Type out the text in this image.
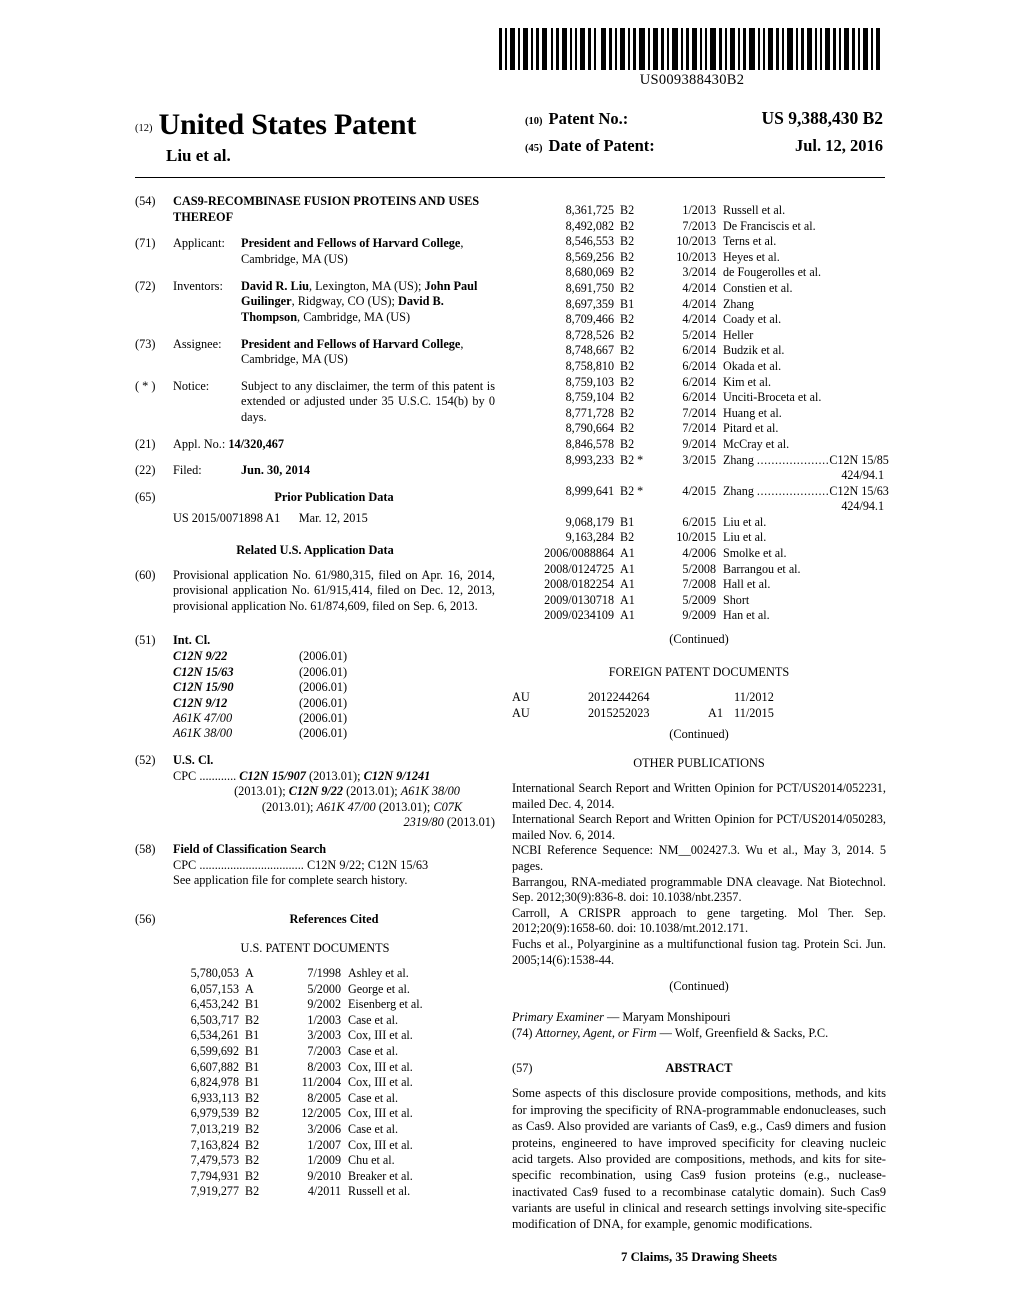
US009388430B2
(12) United States Patent
Liu et al.
(10) Patent No.:	US 9,388,430 B2
(45) Date of Patent:	Jul. 12, 2016
(54)	CAS9-RECOMBINASE FUSION PROTEINS AND USES THEREOF
(71)	Applicant:	President and Fellows of Harvard College, Cambridge, MA (US)
(72)	Inventors:	David R. Liu, Lexington, MA (US); John Paul Guilinger, Ridgway, CO (US); David B. Thompson, Cambridge, MA (US)
(73)	Assignee:	President and Fellows of Harvard College, Cambridge, MA (US)
( * )	Notice:	Subject to any disclaimer, the term of this patent is extended or adjusted under 35 U.S.C. 154(b) by 0 days.
(21)	Appl. No.: 14/320,467
(22)	Filed:	Jun. 30, 2014
(65)	Prior Publication Data
US 2015/0071898 A1 Mar. 12, 2015
Related U.S. Application Data
(60)	Provisional application No. 61/980,315, filed on Apr. 16, 2014, provisional application No. 61/915,414, filed on Dec. 12, 2013, provisional application No. 61/874,609, filed on Sep. 6, 2013.
(51)	Int. Cl.
C12N 9/22	(2006.01)
C12N 15/63	(2006.01)
C12N 15/90	(2006.01)
C12N 9/12	(2006.01)
A61K 47/00	(2006.01)
A61K 38/00	(2006.01)
(52)	U.S. Cl.
CPC ............ C12N 15/907 (2013.01); C12N 9/1241
(2013.01); C12N 9/22 (2013.01); A61K 38/00
(2013.01); A61K 47/00 (2013.01); C07K
2319/80 (2013.01)
(58)	Field of Classification Search
CPC .................................. C12N 9/22; C12N 15/63
See application file for complete search history.
(56)	References Cited
U.S. PATENT DOCUMENTS
5,780,053 A	7/1998 Ashley et al.
6,057,153 A	5/2000 George et al.
6,453,242 B1	9/2002 Eisenberg et al.
6,503,717 B2	1/2003 Case et al.
6,534,261 B1	3/2003 Cox, III et al.
6,599,692 B1	7/2003 Case et al.
6,607,882 B1	8/2003 Cox, III et al.
6,824,978 B1	11/2004 Cox, III et al.
6,933,113 B2	8/2005 Case et al.
6,979,539 B2	12/2005 Cox, III et al.
7,013,219 B2	3/2006 Case et al.
7,163,824 B2	1/2007 Cox, III et al.
7,479,573 B2	1/2009 Chu et al.
7,794,931 B2	9/2010 Breaker et al.
7,919,277 B2	4/2011 Russell et al.
8,361,725 B2	1/2013 Russell et al.
8,492,082 B2	7/2013 De Franciscis et al.
8,546,553 B2	10/2013 Terns et al.
8,569,256 B2	10/2013 Heyes et al.
8,680,069 B2	3/2014 de Fougerolles et al.
8,691,750 B2	4/2014 Constien et al.
8,697,359 B1	4/2014 Zhang
8,709,466 B2	4/2014 Coady et al.
8,728,526 B2	5/2014 Heller
8,748,667 B2	6/2014 Budzik et al.
8,758,810 B2	6/2014 Okada et al.
8,759,103 B2	6/2014 Kim et al.
8,759,104 B2	6/2014 Unciti-Broceta et al.
8,771,728 B2	7/2014 Huang et al.
8,790,664 B2	7/2014 Pitard et al.
8,846,578 B2	9/2014 McCray et al.
8,993,233 B2 *	3/2015 Zhang .................... C12N 15/85
424/94.1
8,999,641 B2 *	4/2015 Zhang .................... C12N 15/63
424/94.1
9,068,179 B1	6/2015 Liu et al.
9,163,284 B2	10/2015 Liu et al.
2006/0088864 A1	4/2006 Smolke et al.
2008/0124725 A1	5/2008 Barrangou et al.
2008/0182254 A1	7/2008 Hall et al.
2009/0130718 A1	5/2009 Short
2009/0234109 A1	9/2009 Han et al.
(Continued)
FOREIGN PATENT DOCUMENTS
AU	2012244264	11/2012
AU	2015252023	A1 11/2015
(Continued)
OTHER PUBLICATIONS

International Search Report and Written Opinion for PCT/US2014/052231, mailed Dec. 4, 2014.

International Search Report and Written Opinion for PCT/US2014/050283, mailed Nov. 6, 2014.

NCBI Reference Sequence: NM__002427.3. Wu et al., May 3, 2014. 5 pages.

Barrangou, RNA-mediated programmable DNA cleavage. Nat Biotechnol. Sep. 2012;30(9):836-8. doi: 10.1038/nbt.2357.

Carroll, A CRISPR approach to gene targeting. Mol Ther. Sep. 2012;20(9):1658-60. doi: 10.1038/mt.2012.171.

Fuchs et al., Polyarginine as a multifunctional fusion tag. Protein Sci. Jun. 2005;14(6):1538-44.

(Continued)
Primary Examiner — Maryam Monshipouri
(74) Attorney, Agent, or Firm — Wolf, Greenfield & Sacks, P.C.
(57)	ABSTRACT
Some aspects of this disclosure provide compositions, methods, and kits for improving the specificity of RNA-programmable endonucleases, such as Cas9. Also provided are variants of Cas9, e.g., Cas9 dimers and fusion proteins, engineered to have improved specificity for cleaving nucleic acid targets. Also provided are compositions, methods, and kits for site-specific recombination, using Cas9 fusion proteins (e.g., nuclease-inactivated Cas9 fused to a recombinase catalytic domain). Such Cas9 variants are useful in clinical and research settings involving site-specific modification of DNA, for example, genomic modifications.
7 Claims, 35 Drawing Sheets
